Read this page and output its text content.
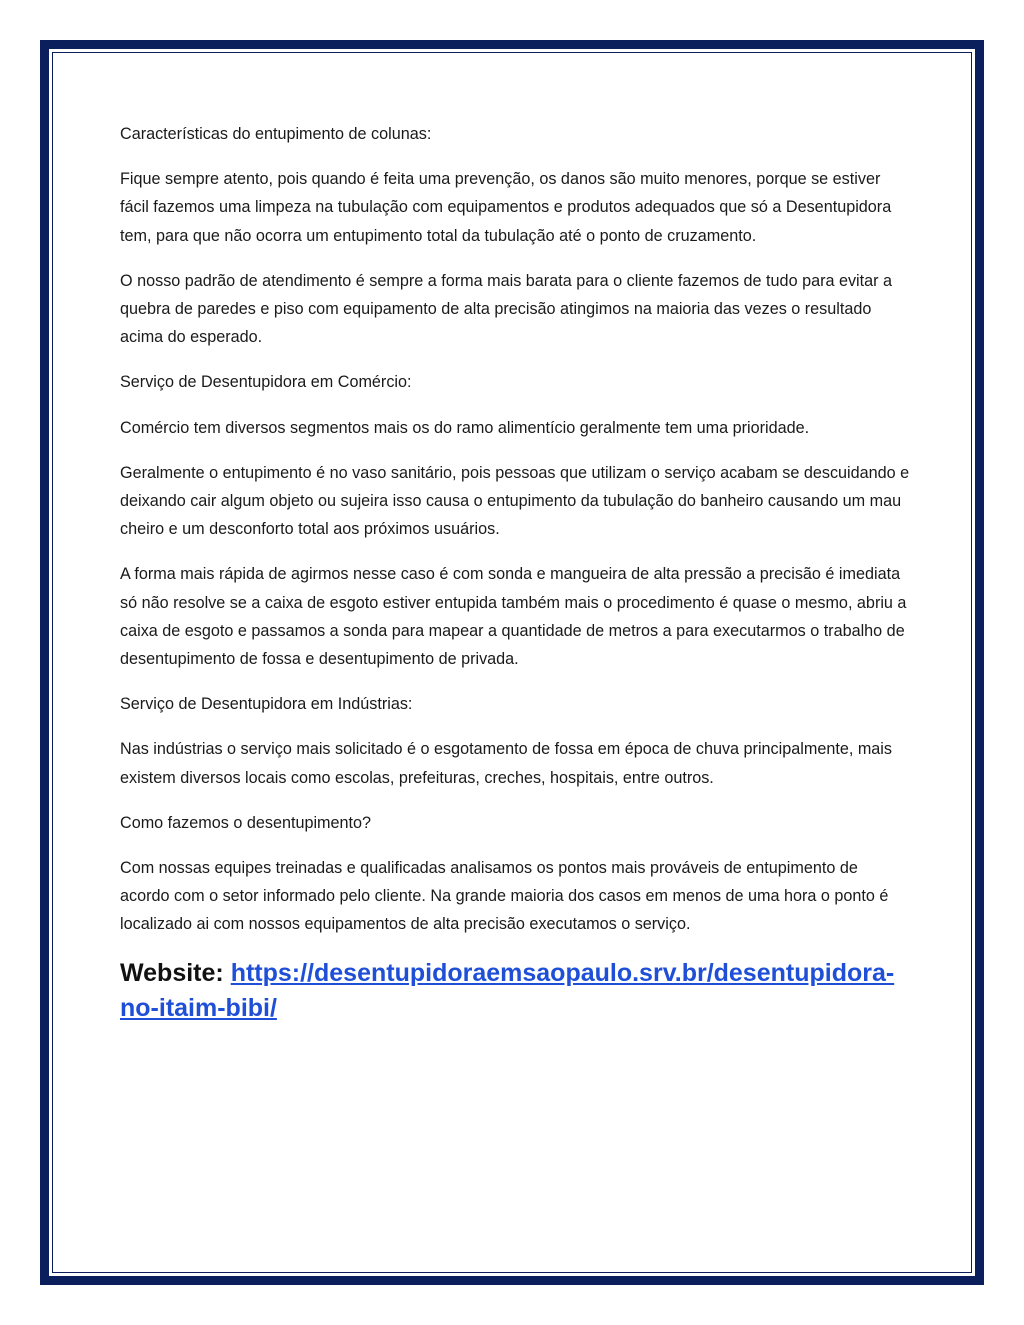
Características do entupimento de colunas:

Fique sempre atento, pois quando é feita uma prevenção, os danos são muito menores, porque se estiver fácil fazemos uma limpeza na tubulação com equipamentos e produtos adequados que só a Desentupidora tem, para que não ocorra um entupimento total da tubulação até o ponto de cruzamento.

O nosso padrão de atendimento é sempre a forma mais barata para o cliente fazemos de tudo para evitar a quebra de paredes e piso com equipamento de alta precisão atingimos na maioria das vezes o resultado acima do esperado.

Serviço de Desentupidora em Comércio:

Comércio tem diversos segmentos mais os do ramo alimentício geralmente tem uma prioridade.

Geralmente o entupimento é no vaso sanitário, pois pessoas que utilizam o serviço acabam se descuidando e deixando cair algum objeto ou sujeira isso causa o entupimento da tubulação do banheiro causando um mau cheiro e um desconforto total aos próximos usuários.

A forma mais rápida de agirmos nesse caso é com sonda e mangueira de alta pressão a precisão é imediata só não resolve se a caixa de esgoto estiver entupida também mais o procedimento é quase o mesmo, abriu a caixa de esgoto e passamos a sonda para mapear a quantidade de metros a para executarmos o trabalho de desentupimento de fossa e desentupimento de privada.

Serviço de Desentupidora em Indústrias:

Nas indústrias o serviço mais solicitado é o esgotamento de fossa em época de chuva principalmente, mais existem diversos locais como escolas, prefeituras, creches, hospitais, entre outros.

Como fazemos o desentupimento?

Com nossas equipes treinadas e qualificadas analisamos os pontos mais prováveis de entupimento de acordo com o setor informado pelo cliente. Na grande maioria dos casos em menos de uma hora o ponto é localizado ai com nossos equipamentos de alta precisão executamos o serviço.

Website: https://desentupidoraemsaopaulo.srv.br/desentupidora-no-itaim-bibi/
